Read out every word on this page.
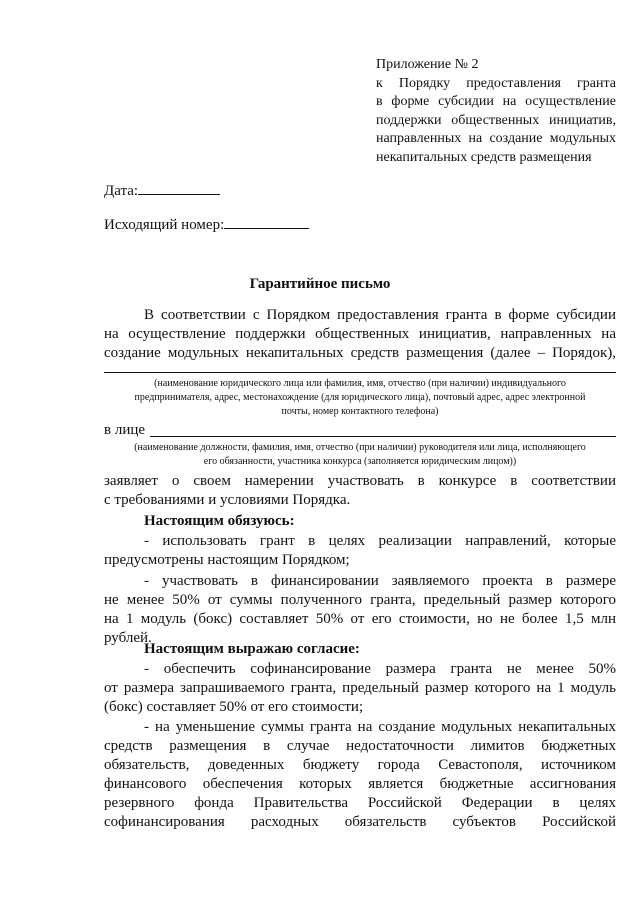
Приложение № 2
к Порядку предоставления гранта
в форме субсидии на осуществление
поддержки общественных инициатив,
направленных на создание модульных
некапитальных средств размещения
Дата:
Исходящий номер:
Гарантийное письмо
В соответствии с Порядком предоставления гранта в форме субсидии
на осуществление поддержки общественных инициатив, направленных на
создание модульных некапитальных средств размещения (далее – Порядок),
(наименование юридического лица или фамилия, имя, отчество (при наличии) индивидуального
предпринимателя, адрес, местонахождение (для юридического лица), почтовый адрес, адрес электронной
почты, номер контактного телефона)
в лице
(наименование должности, фамилия, имя, отчество (при наличии) руководителя или лица, исполняющего
его обязанности, участника конкурса (заполняется юридическим лицом))
заявляет о своем намерении участвовать в конкурсе в соответствии
с требованиями и условиями Порядка.
Настоящим обязуюсь:
- использовать грант в целях реализации направлений, которые
предусмотрены настоящим Порядком;
- участвовать в финансировании заявляемого проекта в размере
не менее 50% от суммы полученного гранта, предельный размер которого
на 1 модуль (бокс) составляет 50% от его стоимости, но не более 1,5 млн
рублей.
Настоящим выражаю согласие:
- обеспечить софинансирование размера гранта не менее 50%
от размера запрашиваемого гранта, предельный размер которого на 1 модуль
(бокс) составляет 50% от его стоимости;
- на уменьшение суммы гранта на создание модульных некапитальных
средств размещения в случае недостаточности лимитов бюджетных
обязательств, доведенных бюджету города Севастополя, источником
финансового обеспечения которых является бюджетные ассигнования
резервного фонда Правительства Российской Федерации в целях
софинансирования расходных обязательств субъектов Российской
